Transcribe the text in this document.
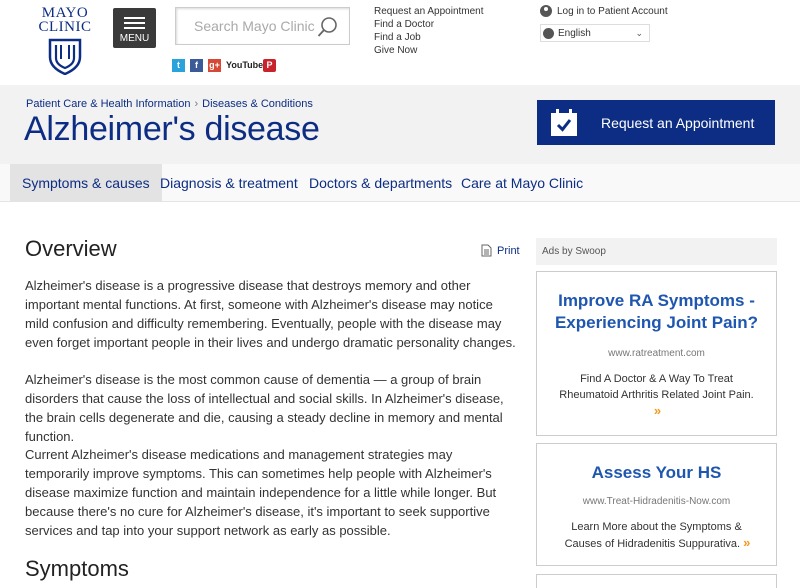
MAYO
CLINIC
MENU
Search Mayo Clinic
t	f	g+ YouTube P
Request an Appointment
Find a Doctor
Find a Job
Give Now
Log in to Patient Account
English	⌄
Patient Care & Health Information › Diseases & Conditions
Alzheimer's disease	Request an Appointment
Symptoms & causes Diagnosis & treatment Doctors & departments Care at Mayo Clinic
Overview	Print

Alzheimer's disease is a progressive disease that destroys memory and other important mental functions. At first, someone with Alzheimer's disease may notice mild confusion and difficulty remembering. Eventually, people with the disease may even forget important people in their lives and undergo dramatic personality changes.

Alzheimer's disease is the most common cause of dementia — a group of brain disorders that cause the loss of intellectual and social skills. In Alzheimer's disease, the brain cells degenerate and die, causing a steady decline in memory and mental function.

Current Alzheimer's disease medications and management strategies may temporarily improve symptoms. This can sometimes help people with Alzheimer's disease maximize function and maintain independence for a little while longer. But because there's no cure for Alzheimer's disease, it's important to seek supportive services and tap into your support network as early as possible.

Symptoms
Ads by Swoop
Improve RA Symptoms - Experiencing Joint Pain?
www.ratreatment.com
Find A Doctor & A Way To Treat Rheumatoid Arthritis Related Joint Pain.
»
Assess Your HS
www.Treat-Hidradenitis-Now.com
Learn More about the Symptoms & Causes of Hidradenitis Suppurativa. »
